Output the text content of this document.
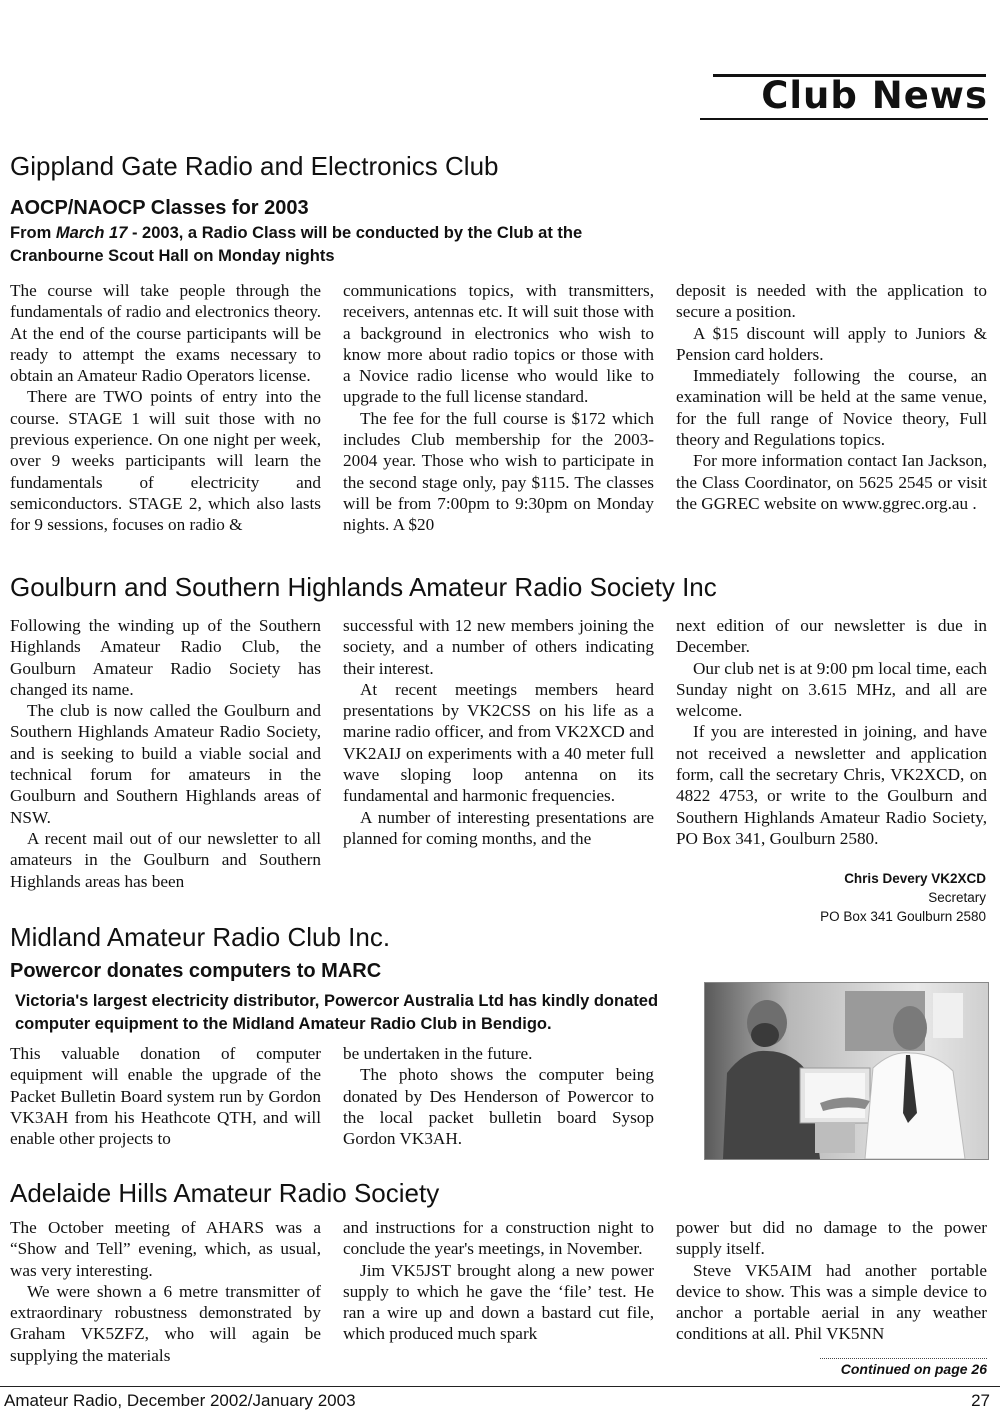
Club News
Gippland Gate Radio and Electronics Club
AOCP/NAOCP Classes for 2003
From March 17 - 2003, a Radio Class will be conducted by the Club at the Cranbourne Scout Hall on Monday nights

The course will take people through the fundamentals of radio and electronics theory. At the end of the course participants will be ready to attempt the exams necessary to obtain an Amateur Radio Operators license.

There are TWO points of entry into the course. STAGE 1 will suit those with no previous experience. On one night per week, over 9 weeks participants will learn the fundamentals of electricity and semiconductors. STAGE 2, which also lasts for 9 sessions, focuses on radio &

communications topics, with transmitters, receivers, antennas etc. It will suit those with a background in electronics who wish to know more about radio topics or those with a Novice radio license who would like to upgrade to the full license standard.

The fee for the full course is $172 which includes Club membership for the 2003-2004 year. Those who wish to participate in the second stage only, pay $115. The classes will be from 7:00pm to 9:30pm on Monday nights. A $20

deposit is needed with the application to secure a position.

A $15 discount will apply to Juniors & Pension card holders.

Immediately following the course, an examination will be held at the same venue, for the full range of Novice theory, Full theory and Regulations topics.

For more information contact Ian Jackson, the Class Coordinator, on 5625 2545 or visit the GGREC website on www.ggrec.org.au .

Goulburn and Southern Highlands Amateur Radio Society Inc

Following the winding up of the Southern Highlands Amateur Radio Club, the Goulburn Amateur Radio Society has changed its name.

The club is now called the Goulburn and Southern Highlands Amateur Radio Society, and is seeking to build a viable social and technical forum for amateurs in the Goulburn and Southern Highlands areas of NSW.

A recent mail out of our newsletter to all amateurs in the Goulburn and Southern Highlands areas has been

successful with 12 new members joining the society, and a number of others indicating their interest.

At recent meetings members heard presentations by VK2CSS on his life as a marine radio officer, and from VK2XCD and VK2AIJ on experiments with a 40 meter full wave sloping loop antenna on its fundamental and harmonic frequencies.

A number of interesting presentations are planned for coming months, and the

next edition of our newsletter is due in December.

Our club net is at 9:00 pm local time, each Sunday night on 3.615 MHz, and all are welcome.

If you are interested in joining, and have not received a newsletter and application form, call the secretary Chris, VK2XCD, on 4822 4753, or write to the Goulburn and Southern Highlands Amateur Radio Society, PO Box 341, Goulburn 2580.

Chris Devery VK2XCD
Secretary
PO Box 341 Goulburn 2580
Midland Amateur Radio Club Inc.
Powercor donates computers to MARC
Victoria's largest electricity distributor, Powercor Australia Ltd has kindly donated computer equipment to the Midland Amateur Radio Club in Bendigo.

This valuable donation of computer equipment will enable the upgrade of the Packet Bulletin Board system run by Gordon VK3AH from his Heathcote QTH, and will enable other projects to

be undertaken in the future.

The photo shows the computer being donated by Des Henderson of Powercor to the local packet bulletin board Sysop Gordon VK3AH.

Adelaide Hills Amateur Radio Society

The October meeting of AHARS was a “Show and Tell” evening, which, as usual, was very interesting.

We were shown a 6 metre transmitter of extraordinary robustness demonstrated by Graham VK5ZFZ, who will again be supplying the materials

and instructions for a construction night to conclude the year's meetings, in November.

Jim VK5JST brought along a new power supply to which he gave the ‘file’ test. He ran a wire up and down a bastard cut file, which produced much spark

power but did no damage to the power supply itself.

Steve VK5AIM had another portable device to show. This was a simple device to anchor a portable aerial in any weather conditions at all. Phil VK5NN

Continued on page 26
Amateur Radio, December 2002/January 2003	27
